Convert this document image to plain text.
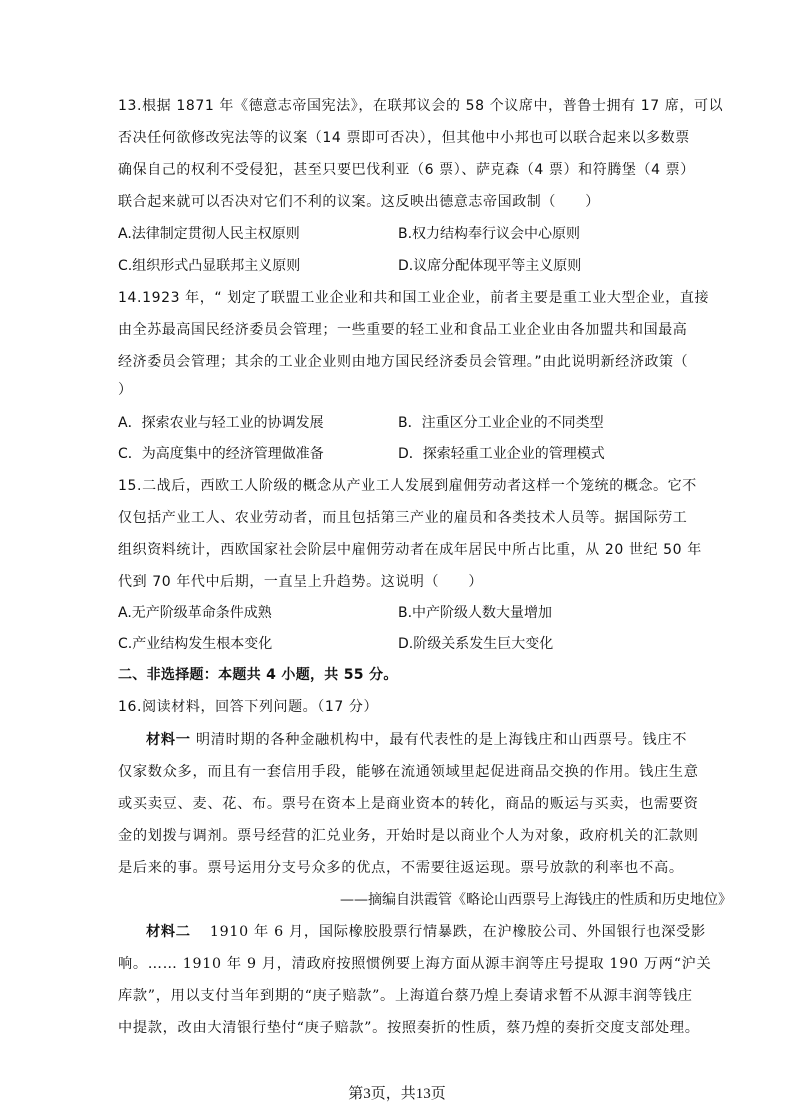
13.根据 1871 年《德意志帝国宪法》，在联邦议会的 58 个议席中，普鲁士拥有 17 席，可以
否决任何欲修改宪法等的议案（14 票即可否决），但其他中小邦也可以联合起来以多数票
确保自己的权利不受侵犯，甚至只要巴伐利亚（6 票）、萨克森（4 票）和符腾堡（4 票）
联合起来就可以否决对它们不利的议案。这反映出德意志帝国政制（　　）
A.法律制定贯彻人民主权原则	B.权力结构奉行议会中心原则
C.组织形式凸显联邦主义原则	D.议席分配体现平等主义原则
14.1923 年，“ 划定了联盟工业企业和共和国工业企业，前者主要是重工业大型企业，直接
由全苏最高国民经济委员会管理；一些重要的轻工业和食品工业企业由各加盟共和国最高
经济委员会管理；其余的工业企业则由地方国民经济委员会管理。”由此说明新经济政策（
）
A．探索农业与轻工业的协调发展	B．注重区分工业企业的不同类型
C．为高度集中的经济管理做准备	D．探索轻重工业企业的管理模式
15.二战后，西欧工人阶级的概念从产业工人发展到雇佣劳动者这样一个笼统的概念。它不
仅包括产业工人、农业劳动者，而且包括第三产业的雇员和各类技术人员等。据国际劳工
组织资料统计，西欧国家社会阶层中雇佣劳动者在成年居民中所占比重，从 20 世纪 50 年
代到 70 年代中后期，一直呈上升趋势。这说明（　　）
A.无产阶级革命条件成熟	B.中产阶级人数大量增加
C.产业结构发生根本变化	D.阶级关系发生巨大变化
二、非选择题：本题共 4 小题，共 55 分。
16.阅读材料，回答下列问题。（17 分）
材料一 明清时期的各种金融机构中，最有代表性的是上海钱庄和山西票号。钱庄不
仅家数众多，而且有一套信用手段，能够在流通领域里起促进商品交换的作用。钱庄生意
或买卖豆、麦、花、布。票号在资本上是商业资本的转化，商品的贩运与买卖，也需要资
金的划拨与调剂。票号经营的汇兑业务，开始时是以商业个人为对象，政府机关的汇款则
是后来的事。票号运用分支号众多的优点，不需要往返运现。票号放款的利率也不高。
——摘编自洪霞管《略论山西票号上海钱庄的性质和历史地位》
材料二 1910 年 6 月，国际橡胶股票行情暴跌，在沪橡胶公司、外国银行也深受影
响。…… 1910 年 9 月，清政府按照惯例要上海方面从源丰润等庄号提取 190 万两“沪关
库款”，用以支付当年到期的“庚子赔款”。上海道台蔡乃煌上奏请求暂不从源丰润等钱庄
中提款，改由大清银行垫付“庚子赔款”。按照奏折的性质，蔡乃煌的奏折交度支部处理。
第3页，共13页
